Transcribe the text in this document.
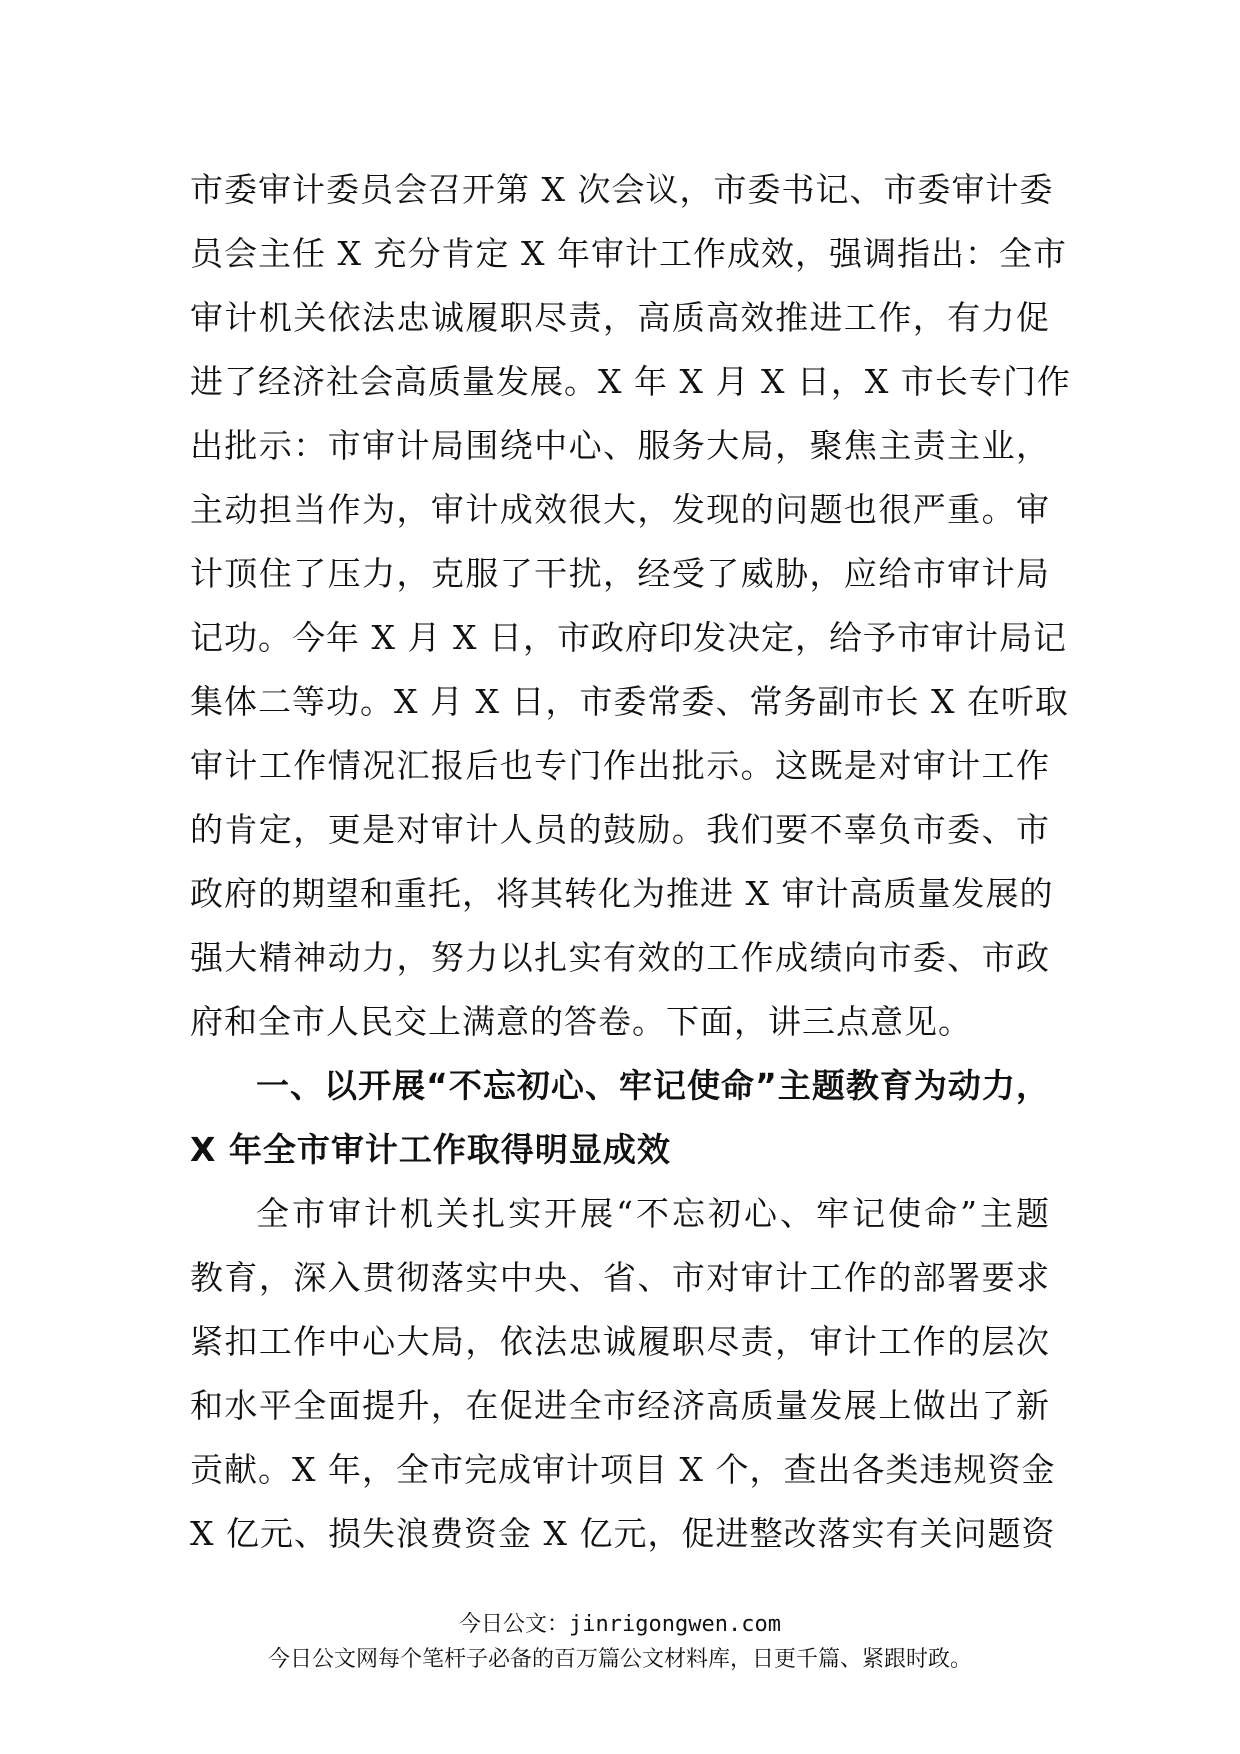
市委审计委员会召开第 X 次会议，市委书记、市委审计委
员会主任 X 充分肯定 X 年审计工作成效，强调指出：全市
审计机关依法忠诚履职尽责，高质高效推进工作，有力促
进了经济社会高质量发展。X 年 X 月 X 日，X 市长专门作
出批示：市审计局围绕中心、服务大局，聚焦主责主业，
主动担当作为，审计成效很大，发现的问题也很严重。审
计顶住了压力，克服了干扰，经受了威胁，应给市审计局
记功。今年 X 月 X 日，市政府印发决定，给予市审计局记
集体二等功。X 月 X 日，市委常委、常务副市长 X 在听取
审计工作情况汇报后也专门作出批示。这既是对审计工作
的肯定，更是对审计人员的鼓励。我们要不辜负市委、市
政府的期望和重托，将其转化为推进 X 审计高质量发展的
强大精神动力，努力以扎实有效的工作成绩向市委、市政
府和全市人民交上满意的答卷。下面，讲三点意见。
一、以开展“不忘初心、牢记使命”主题教育为动力，
X 年全市审计工作取得明显成效
全市审计机关扎实开展“不忘初心、牢记使命”主题
教育，深入贯彻落实中央、省、市对审计工作的部署要求
紧扣工作中心大局，依法忠诚履职尽责，审计工作的层次
和水平全面提升，在促进全市经济高质量发展上做出了新
贡献。X 年，全市完成审计项目 X 个，查出各类违规资金
X 亿元、损失浪费资金 X 亿元，促进整改落实有关问题资
今日公文：jinrigongwen.com
今日公文网每个笔杆子必备的百万篇公文材料库，日更千篇、紧跟时政。
